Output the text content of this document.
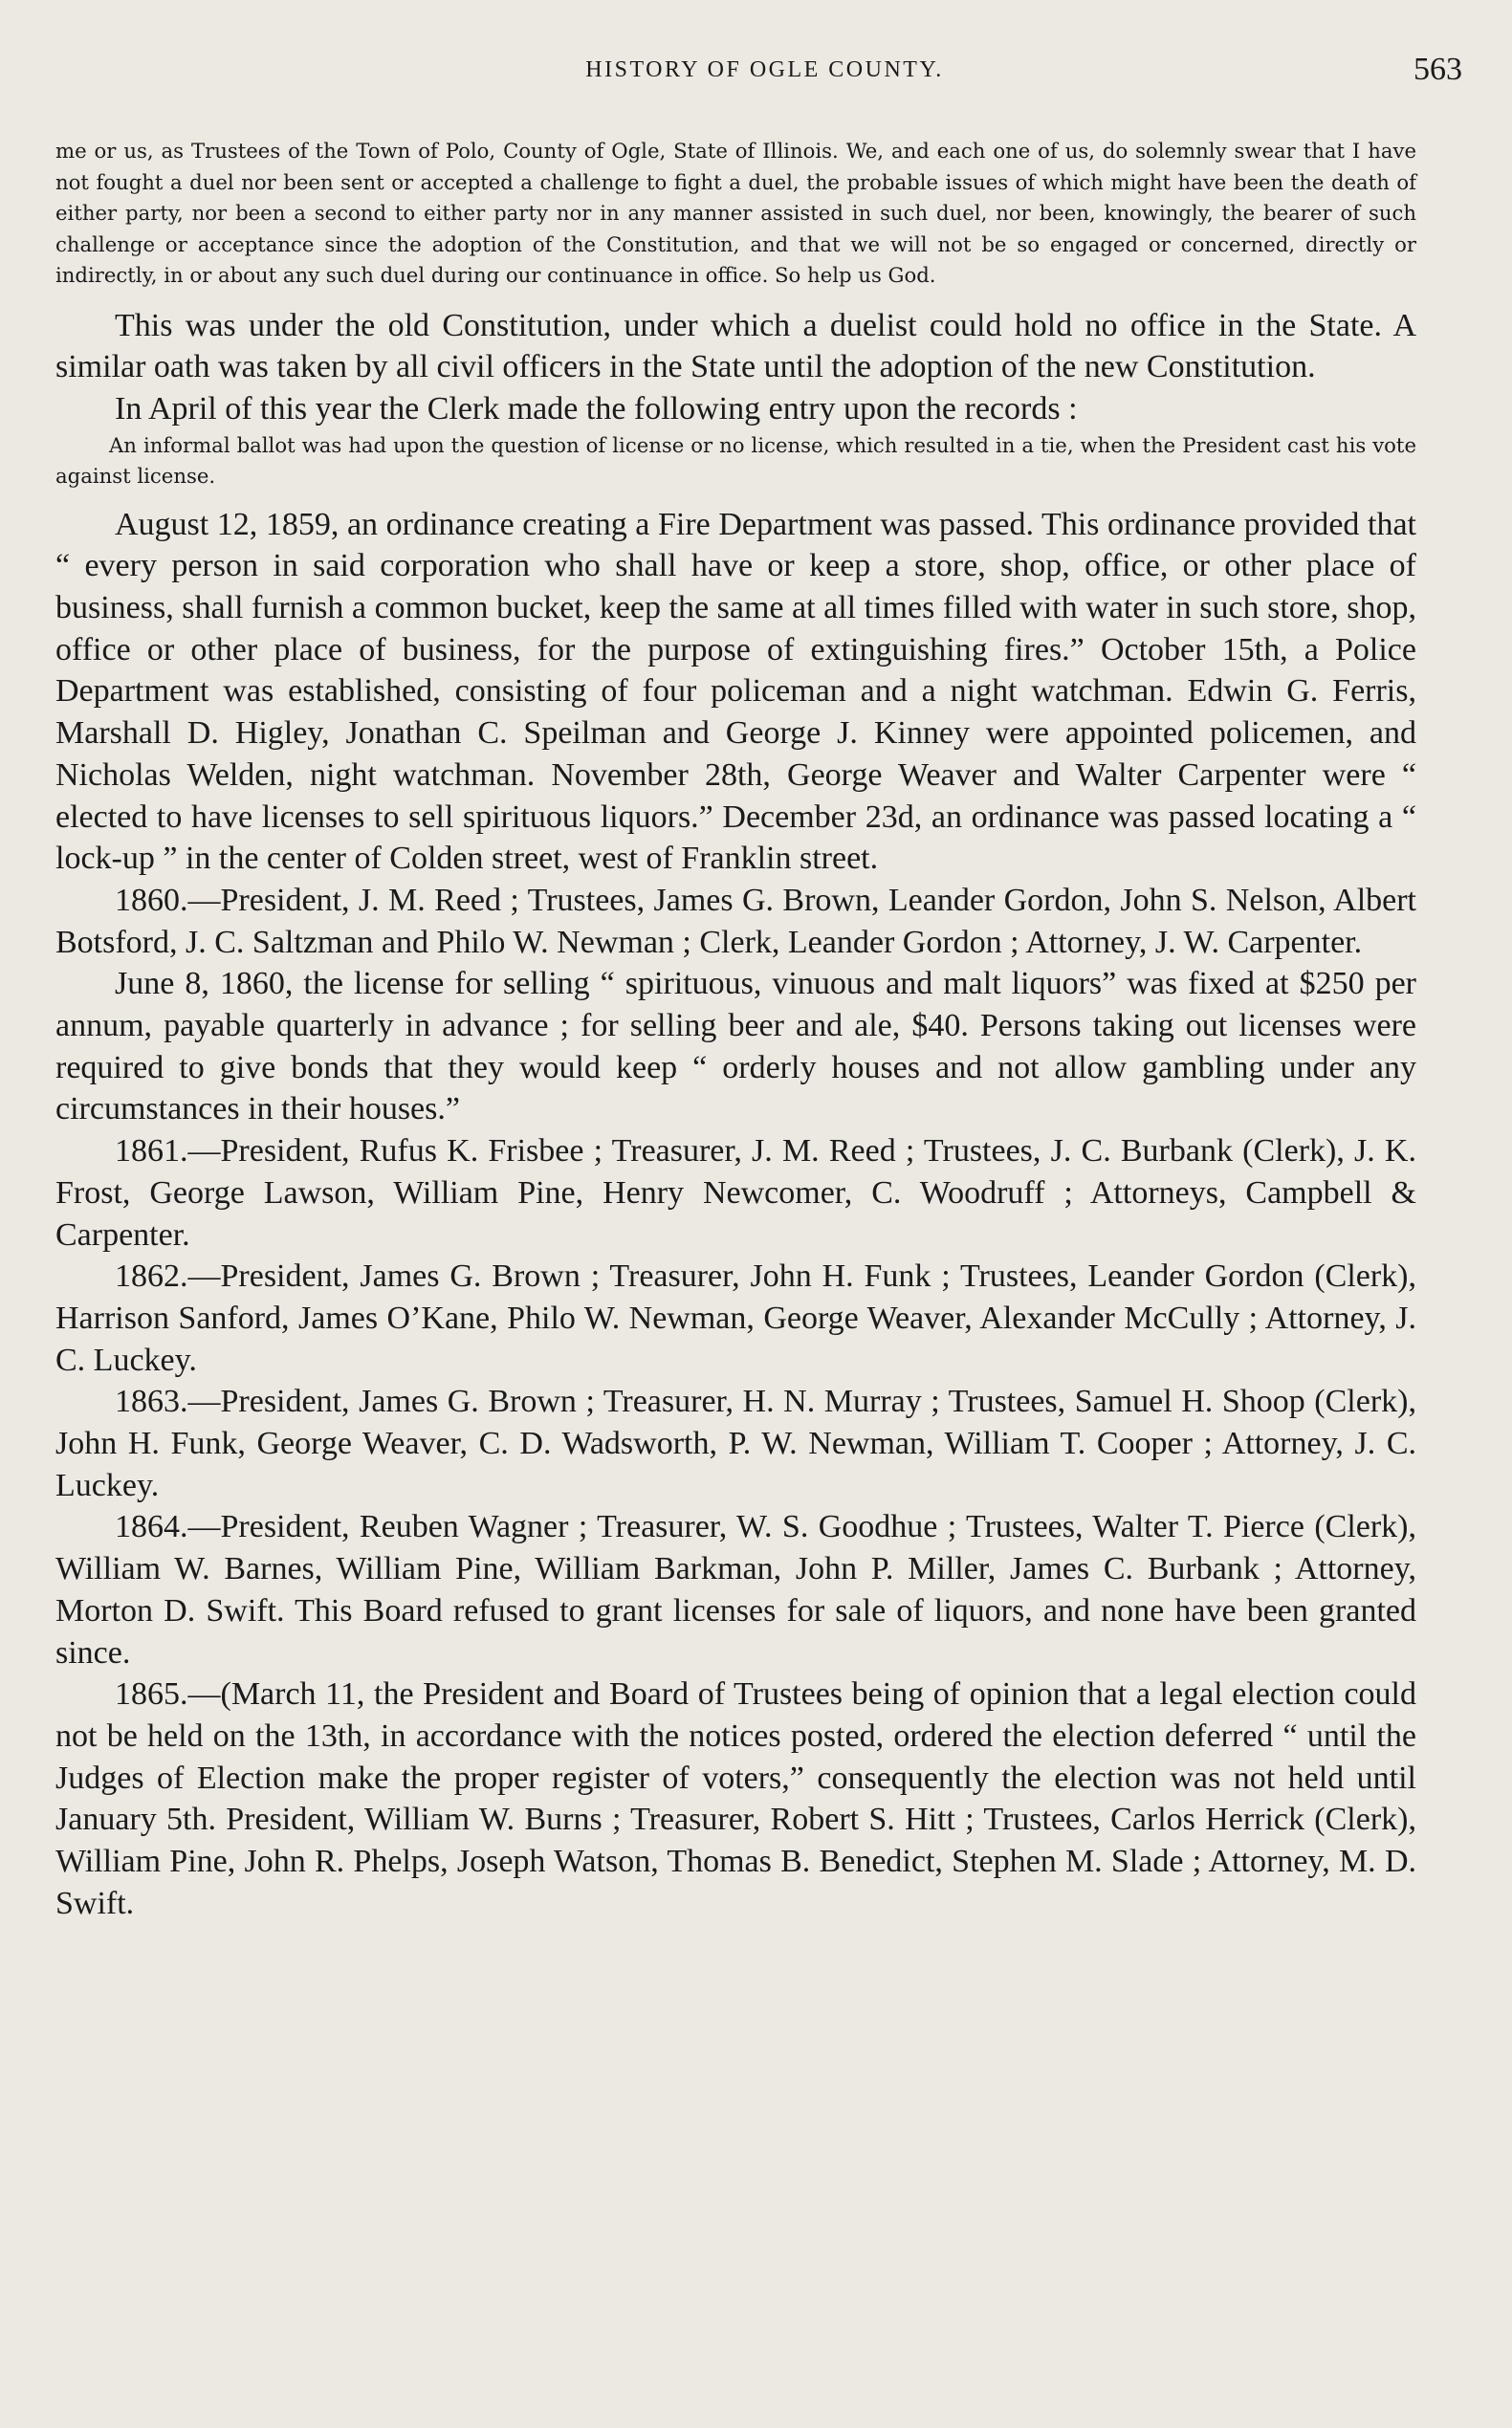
HISTORY OF OGLE COUNTY.	563

me or us, as Trustees of the Town of Polo, County of Ogle, State of Illinois. We, and each one of us, do solemnly swear that I have not fought a duel nor been sent or accepted a challenge to fight a duel, the probable issues of which might have been the death of either party, nor been a second to either party nor in any manner assisted in such duel, nor been, knowingly, the bearer of such challenge or acceptance since the adoption of the Constitution, and that we will not be so engaged or concerned, directly or indirectly, in or about any such duel during our continuance in office. So help us God.

This was under the old Constitution, under which a duelist could hold no office in the State. A similar oath was taken by all civil officers in the State until the adoption of the new Constitution.

In April of this year the Clerk made the following entry upon the records :

An informal ballot was had upon the question of license or no license, which resulted in a tie, when the President cast his vote against license.

August 12, 1859, an ordinance creating a Fire Department was passed. This ordinance provided that “ every person in said corporation who shall have or keep a store, shop, office, or other place of business, shall furnish a common bucket, keep the same at all times filled with water in such store, shop, office or other place of business, for the purpose of extinguishing fires.” October 15th, a Police Department was established, consisting of four policeman and a night watchman. Edwin G. Ferris, Marshall D. Higley, Jonathan C. Speilman and George J. Kinney were appointed policemen, and Nicholas Welden, night watchman. November 28th, George Weaver and Walter Carpenter were “ elected to have licenses to sell spirituous liquors.” December 23d, an ordinance was passed locating a “ lock-up ” in the center of Colden street, west of Franklin street.

1860.—President, J. M. Reed ; Trustees, James G. Brown, Leander Gordon, John S. Nelson, Albert Botsford, J. C. Saltzman and Philo W. Newman ; Clerk, Leander Gordon ; Attorney, J. W. Carpenter.

June 8, 1860, the license for selling “ spirituous, vinuous and malt liquors” was fixed at $250 per annum, payable quarterly in advance ; for selling beer and ale, $40. Persons taking out licenses were required to give bonds that they would keep “ orderly houses and not allow gambling under any circumstances in their houses.”

1861.—President, Rufus K. Frisbee ; Treasurer, J. M. Reed ; Trustees, J. C. Burbank (Clerk), J. K. Frost, George Lawson, William Pine, Henry Newcomer, C. Woodruff ; Attorneys, Campbell & Carpenter.

1862.—President, James G. Brown ; Treasurer, John H. Funk ; Trustees, Leander Gordon (Clerk), Harrison Sanford, James O’Kane, Philo W. Newman, George Weaver, Alexander McCully ; Attorney, J. C. Luckey.

1863.—President, James G. Brown ; Treasurer, H. N. Murray ; Trustees, Samuel H. Shoop (Clerk), John H. Funk, George Weaver, C. D. Wadsworth, P. W. Newman, William T. Cooper ; Attorney, J. C. Luckey.

1864.—President, Reuben Wagner ; Treasurer, W. S. Goodhue ; Trustees, Walter T. Pierce (Clerk), William W. Barnes, William Pine, William Barkman, John P. Miller, James C. Burbank ; Attorney, Morton D. Swift. This Board refused to grant licenses for sale of liquors, and none have been granted since.

1865.—(March 11, the President and Board of Trustees being of opinion that a legal election could not be held on the 13th, in accordance with the notices posted, ordered the election deferred “ until the Judges of Election make the proper register of voters,” consequently the election was not held until January 5th. President, William W. Burns ; Treasurer, Robert S. Hitt ; Trustees, Carlos Herrick (Clerk), William Pine, John R. Phelps, Joseph Watson, Thomas B. Benedict, Stephen M. Slade ; Attorney, M. D. Swift.
